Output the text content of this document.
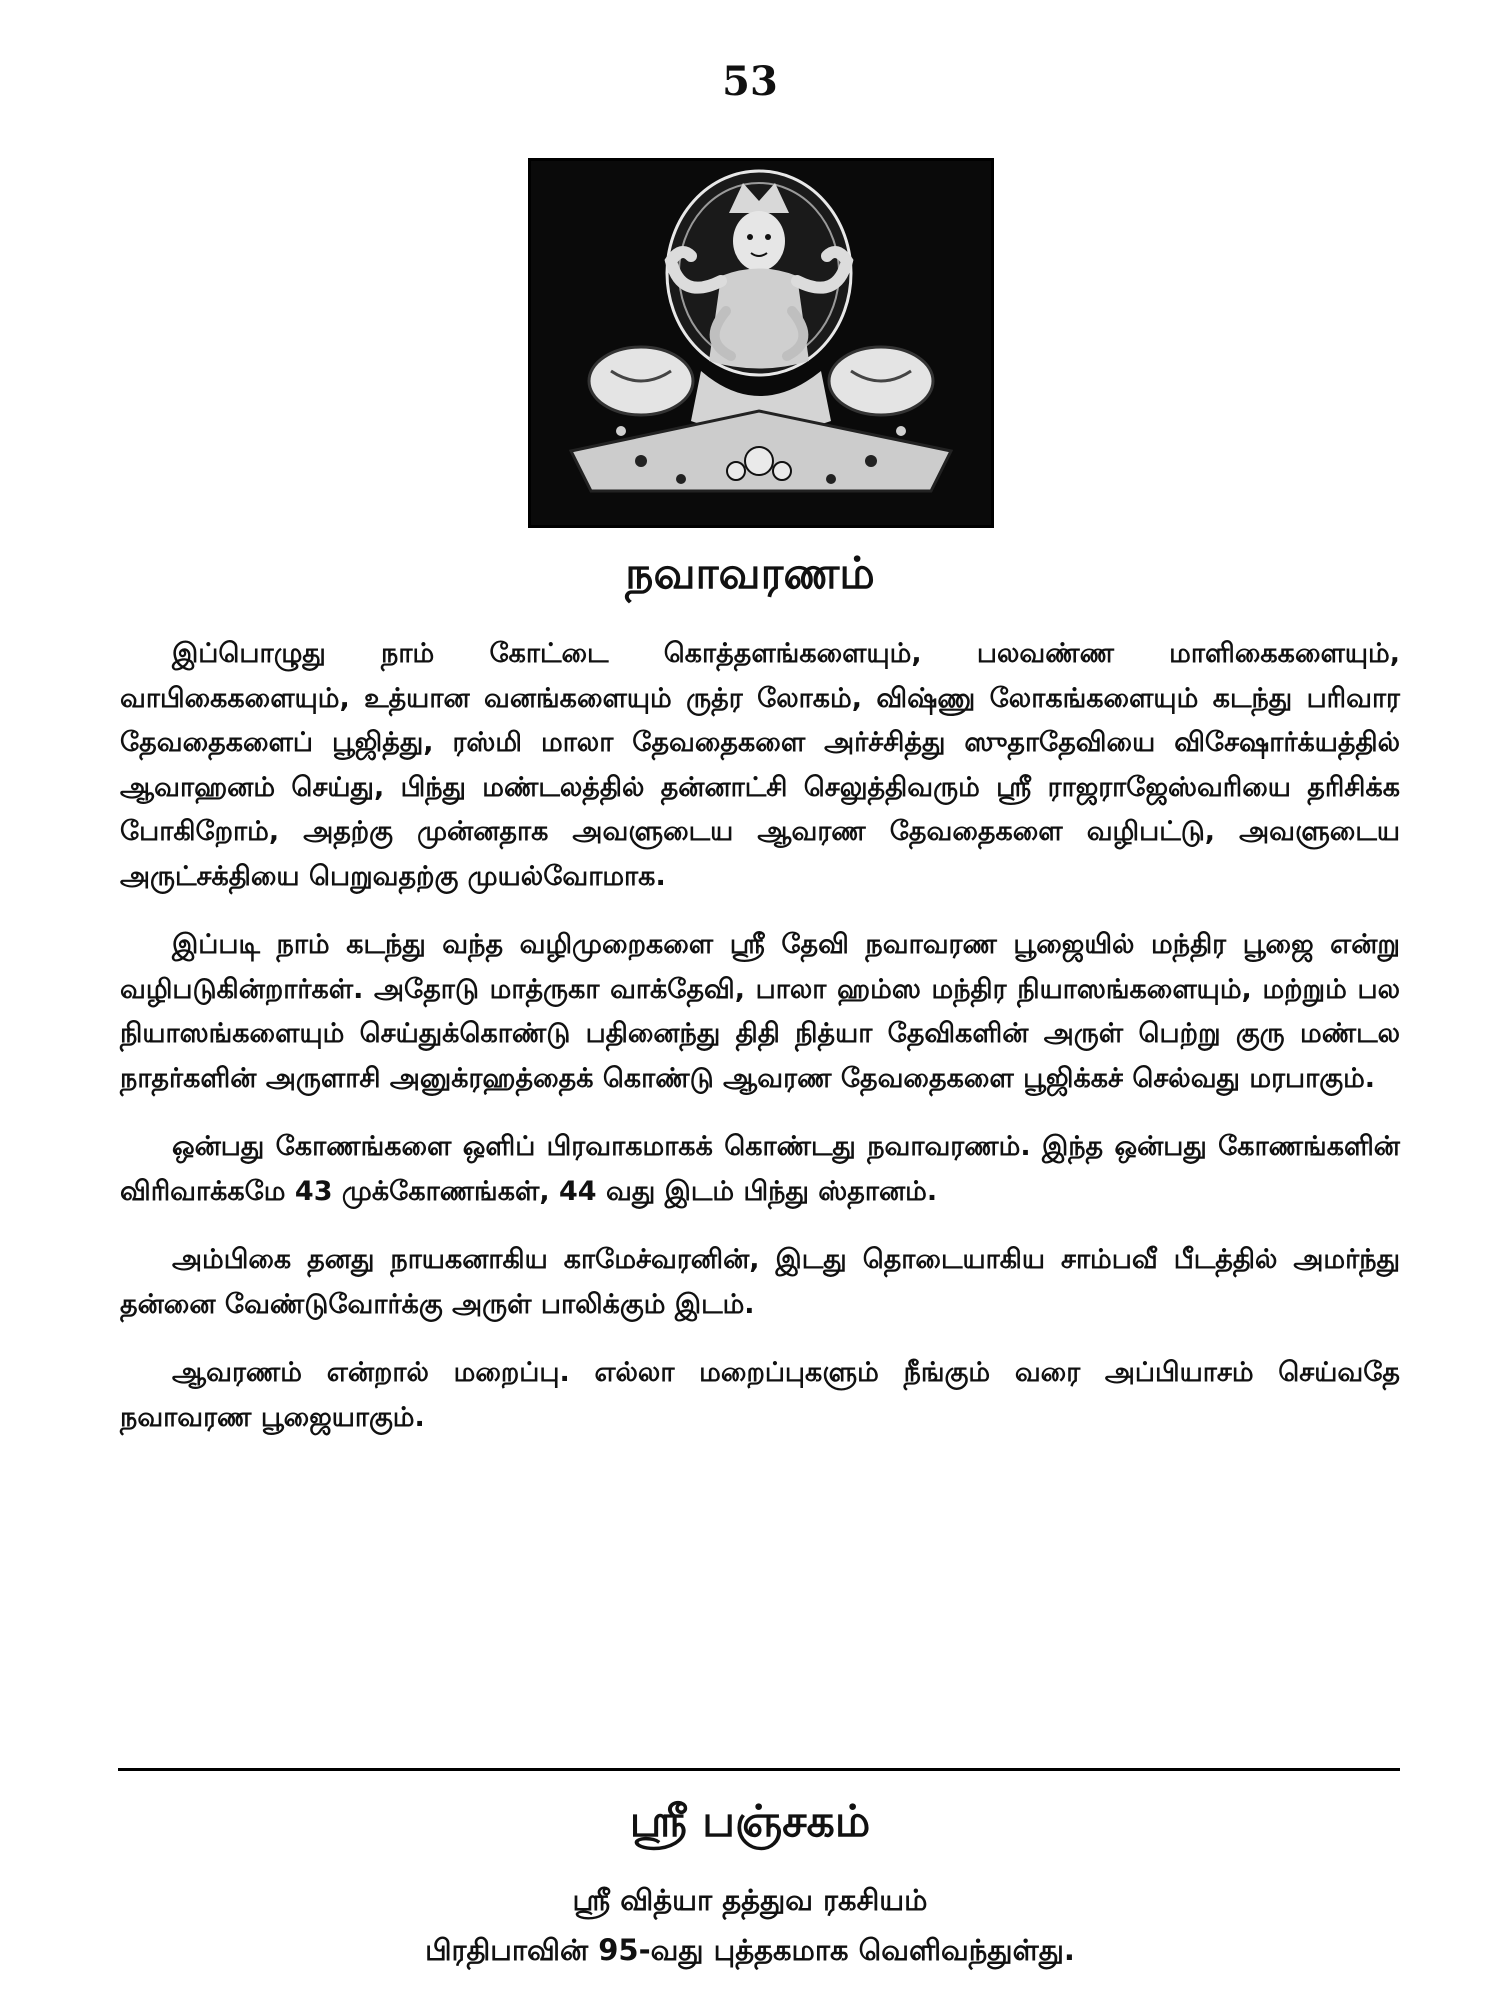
53
நவாவரணம்

இப்பொழுது நாம் கோட்டை கொத்தளங்களையும், பலவண்ண மாளிகைகளையும், வாபிகைகளையும், உத்யான வனங்களையும் ருத்ர லோகம், விஷ்ணு லோகங்களையும் கடந்து பரிவார தேவதைகளைப் பூஜித்து, ரஸ்மி மாலா தேவதைகளை அர்ச்சித்து ஸுதாதேவியை விசேஷார்க்யத்தில் ஆவாஹனம் செய்து, பிந்து மண்டலத்தில் தன்னாட்சி செலுத்திவரும் ஸ்ரீ ராஜராஜேஸ்வரியை தரிசிக்க போகிறோம், அதற்கு முன்னதாக அவளுடைய ஆவரண தேவதைகளை வழிபட்டு, அவளுடைய அருட்சக்தியை பெறுவதற்கு முயல்வோமாக.

இப்படி நாம் கடந்து வந்த வழிமுறைகளை ஸ்ரீ தேவி நவாவரண பூஜையில் மந்திர பூஜை என்று வழிபடுகின்றார்கள். அதோடு மாத்ருகா வாக்தேவி, பாலா ஹம்ஸ மந்திர நியாஸங்களையும், மற்றும் பல நியாஸங்களையும் செய்துக்கொண்டு பதினைந்து திதி நித்யா தேவிகளின் அருள் பெற்று குரு மண்டல நாதர்களின் அருளாசி அனுக்ரஹத்தைக் கொண்டு ஆவரண தேவதைகளை பூஜிக்கச் செல்வது மரபாகும்.

ஒன்பது கோணங்களை ஒளிப் பிரவாகமாகக் கொண்டது நவாவரணம். இந்த ஒன்பது கோணங்களின் விரிவாக்கமே 43 முக்கோணங்கள், 44 வது இடம் பிந்து ஸ்தானம்.

அம்பிகை தனது நாயகனாகிய காமேச்வரனின், இடது தொடையாகிய சாம்பவீ பீடத்தில் அமர்ந்து தன்னை வேண்டுவோர்க்கு அருள் பாலிக்கும் இடம்.

ஆவரணம் என்றால் மறைப்பு. எல்லா மறைப்புகளும் நீங்கும் வரை அப்பியாசம் செய்வதே நவாவரண பூஜையாகும்.

ஸ்ரீ பஞ்சகம்
ஸ்ரீ வித்யா தத்துவ ரகசியம்
பிரதிபாவின் 95-வது புத்தகமாக வெளிவந்துள்து.
